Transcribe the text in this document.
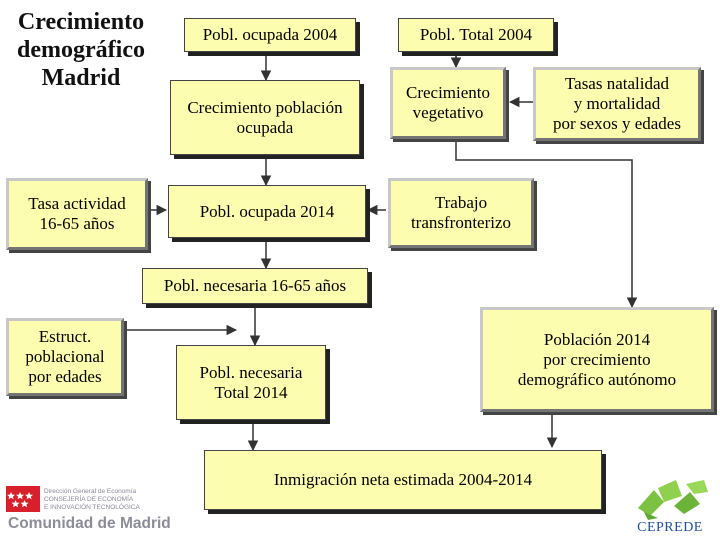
Crecimiento
demográfico
Madrid
Pobl. ocupada 2004	Pobl. Total 2004
Crecimiento población
ocupada
Crecimiento
vegetativo
Tasas natalidad
y mortalidad
por sexos y edades
Tasa actividad
16-65 años
Pobl. ocupada 2014	Trabajo
transfronterizo
Pobl. necesaria 16-65 años
Estruct.
poblacional
por edades	Pobl. necesaria
Total 2014
Población 2014
por crecimiento
demográfico autónomo
Inmigración neta estimada 2004-2014
Dirección General de Economía
CONSEJERÍA DE ECONOMÍA
E INNOVACIÓN TECNOLÓGICA
Comunidad de Madrid	CEPREDE
